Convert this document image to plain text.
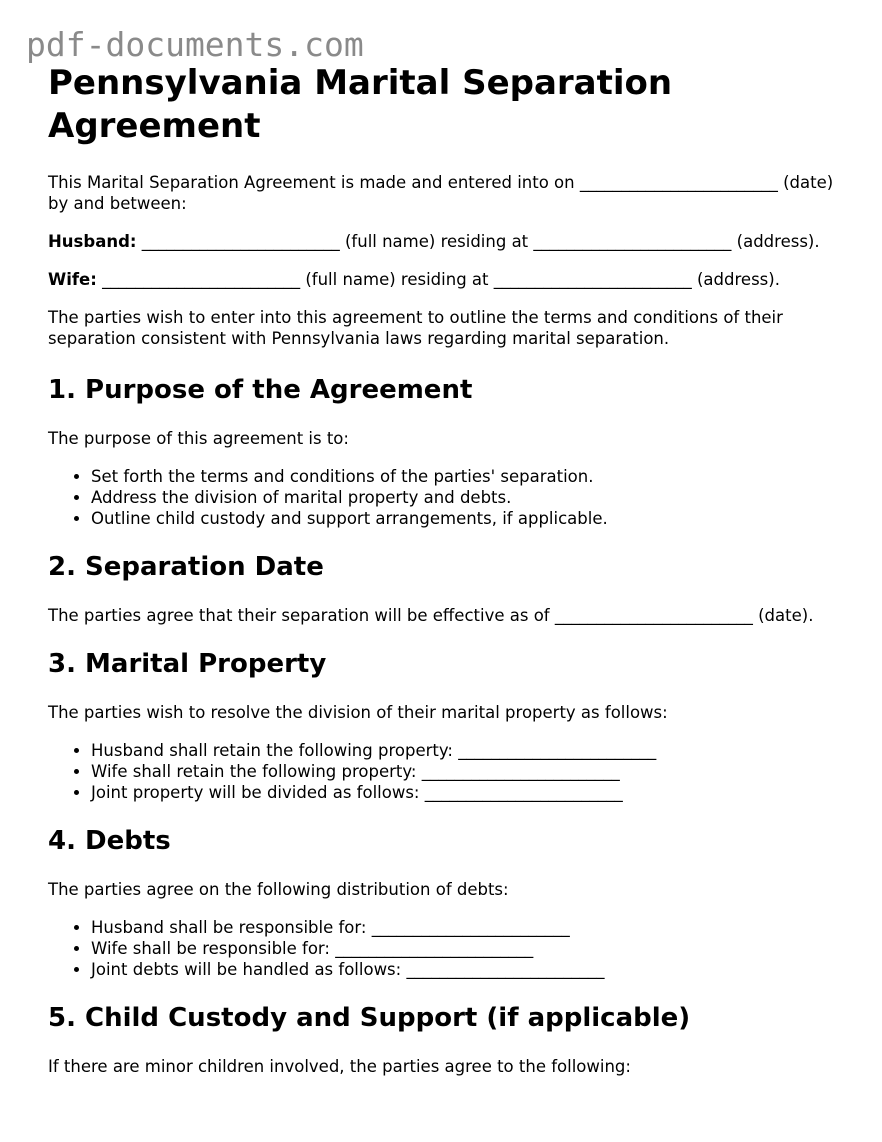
pdf-documents.com
Pennsylvania Marital Separation Agreement

This Marital Separation Agreement is made and entered into on ________________________ (date) by and between:

Husband: ________________________ (full name) residing at ________________________ (address).

Wife: ________________________ (full name) residing at ________________________ (address).

The parties wish to enter into this agreement to outline the terms and conditions of their separation consistent with Pennsylvania laws regarding marital separation.

1. Purpose of the Agreement

The purpose of this agreement is to:

• Set forth the terms and conditions of the parties' separation.
• Address the division of marital property and debts.
• Outline child custody and support arrangements, if applicable.
2. Separation Date

The parties agree that their separation will be effective as of ________________________ (date).

3. Marital Property

The parties wish to resolve the division of their marital property as follows:

• Husband shall retain the following property: ________________________
• Wife shall retain the following property: ________________________
• Joint property will be divided as follows: ________________________
4. Debts

The parties agree on the following distribution of debts:

• Husband shall be responsible for: ________________________
• Wife shall be responsible for: ________________________
• Joint debts will be handled as follows: ________________________
5. Child Custody and Support (if applicable)

If there are minor children involved, the parties agree to the following:
